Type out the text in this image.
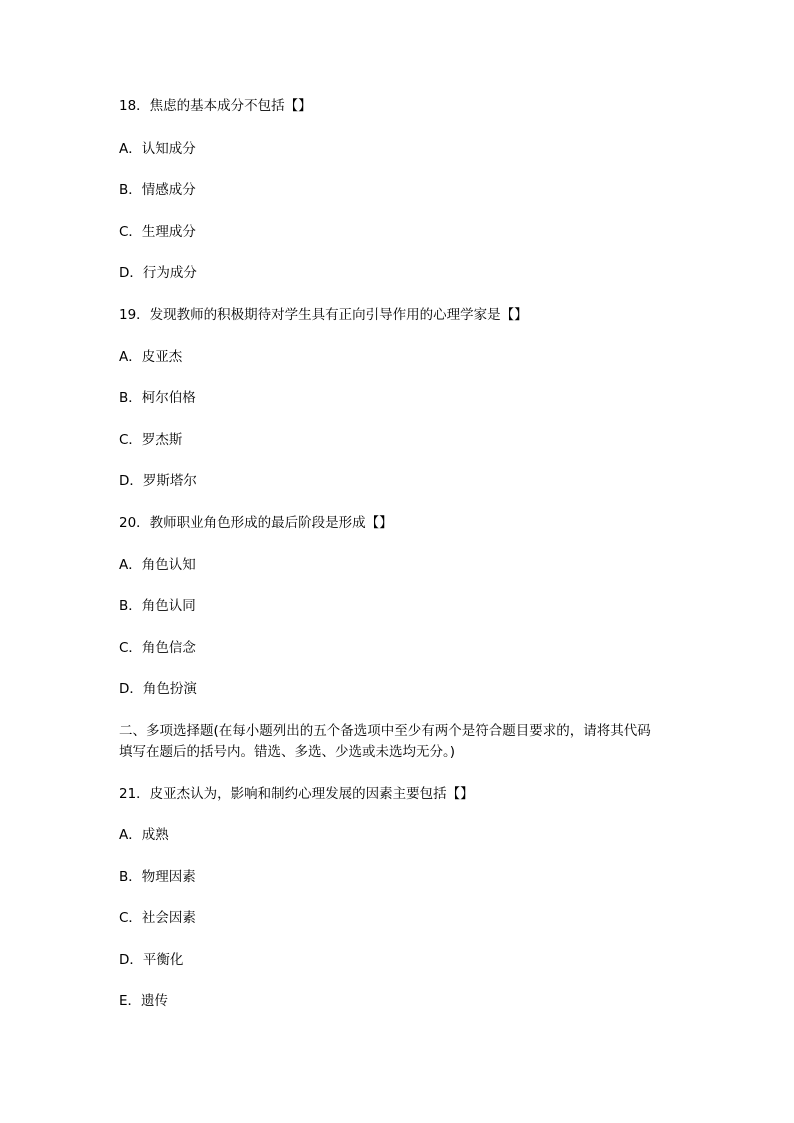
18．焦虑的基本成分不包括【】
A．认知成分
B．情感成分
C．生理成分
D．行为成分
19．发现教师的积极期待对学生具有正向引导作用的心理学家是【】
A．皮亚杰
B．柯尔伯格
C．罗杰斯
D．罗斯塔尔
20．教师职业角色形成的最后阶段是形成【】
A．角色认知
B．角色认同
C．角色信念
D．角色扮演
二、多项选择题(在每小题列出的五个备选项中至少有两个是符合题目要求的，请将其代码
填写在题后的括号内。错选、多选、少选或未选均无分。)
21．皮亚杰认为，影响和制约心理发展的因素主要包括【】
A．成熟
B．物理因素
C．社会因素
D．平衡化
E．遗传
